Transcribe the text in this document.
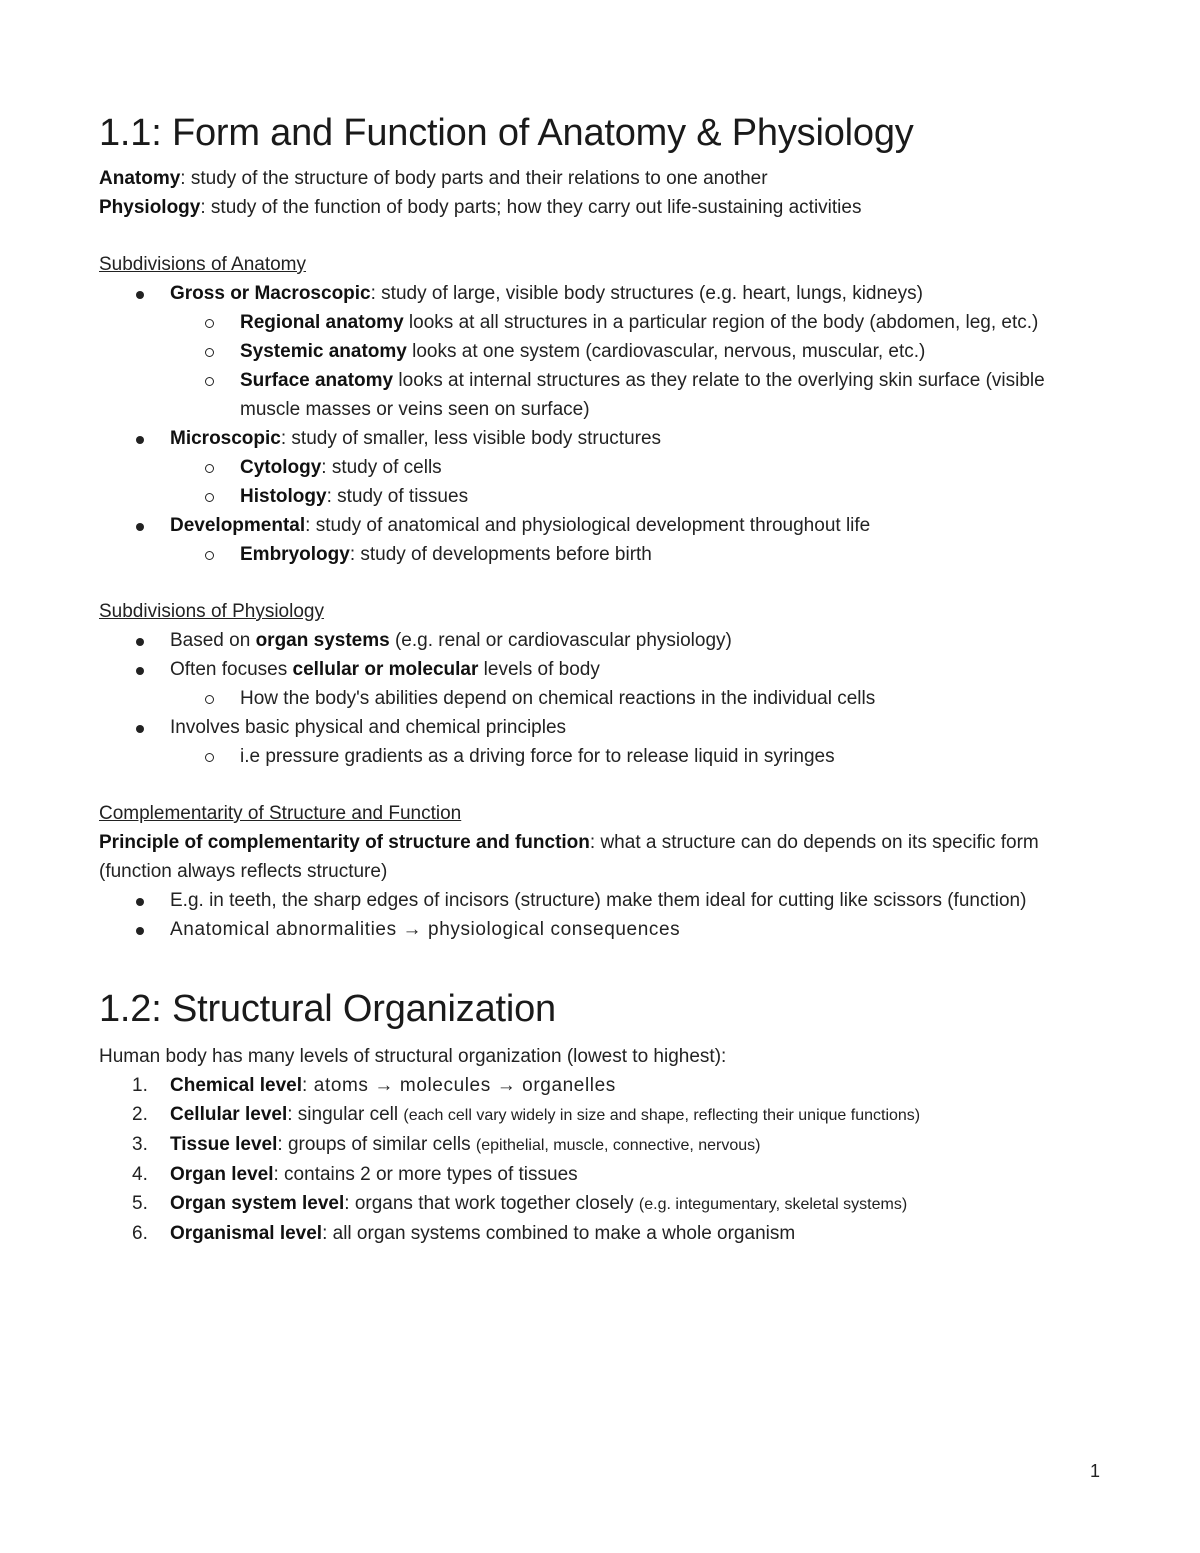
1.1: Form and Function of Anatomy & Physiology

Anatomy: study of the structure of body parts and their relations to one another

Physiology: study of the function of body parts; how they carry out life-sustaining activities

Subdivisions of Anatomy

Gross or Macroscopic: study of large, visible body structures (e.g. heart, lungs, kidneys)
Regional anatomy looks at all structures in a particular region of the body (abdomen, leg, etc.)
Systemic anatomy looks at one system (cardiovascular, nervous, muscular, etc.)
Surface anatomy looks at internal structures as they relate to the overlying skin surface (visible muscle masses or veins seen on surface)
Microscopic: study of smaller, less visible body structures
Cytology: study of cells
Histology: study of tissues
Developmental: study of anatomical and physiological development throughout life
Embryology: study of developments before birth

Subdivisions of Physiology

Based on organ systems (e.g. renal or cardiovascular physiology)
Often focuses cellular or molecular levels of body
How the body's abilities depend on chemical reactions in the individual cells
Involves basic physical and chemical principles
i.e pressure gradients as a driving force for to release liquid in syringes

Complementarity of Structure and Function

Principle of complementarity of structure and function: what a structure can do depends on its specific form (function always reflects structure)

E.g. in teeth, the sharp edges of incisors (structure) make them ideal for cutting like scissors (function)
Anatomical abnormalities → physiological consequences
1.2: Structural Organization

Human body has many levels of structural organization (lowest to highest):

1. Chemical level: atoms → molecules → organelles
2. Cellular level: singular cell (each cell vary widely in size and shape, reflecting their unique functions)
3. Tissue level: groups of similar cells (epithelial, muscle, connective, nervous)
4. Organ level: contains 2 or more types of tissues
5. Organ system level: organs that work together closely (e.g. integumentary, skeletal systems)
6. Organismal level: all organ systems combined to make a whole organism
1
